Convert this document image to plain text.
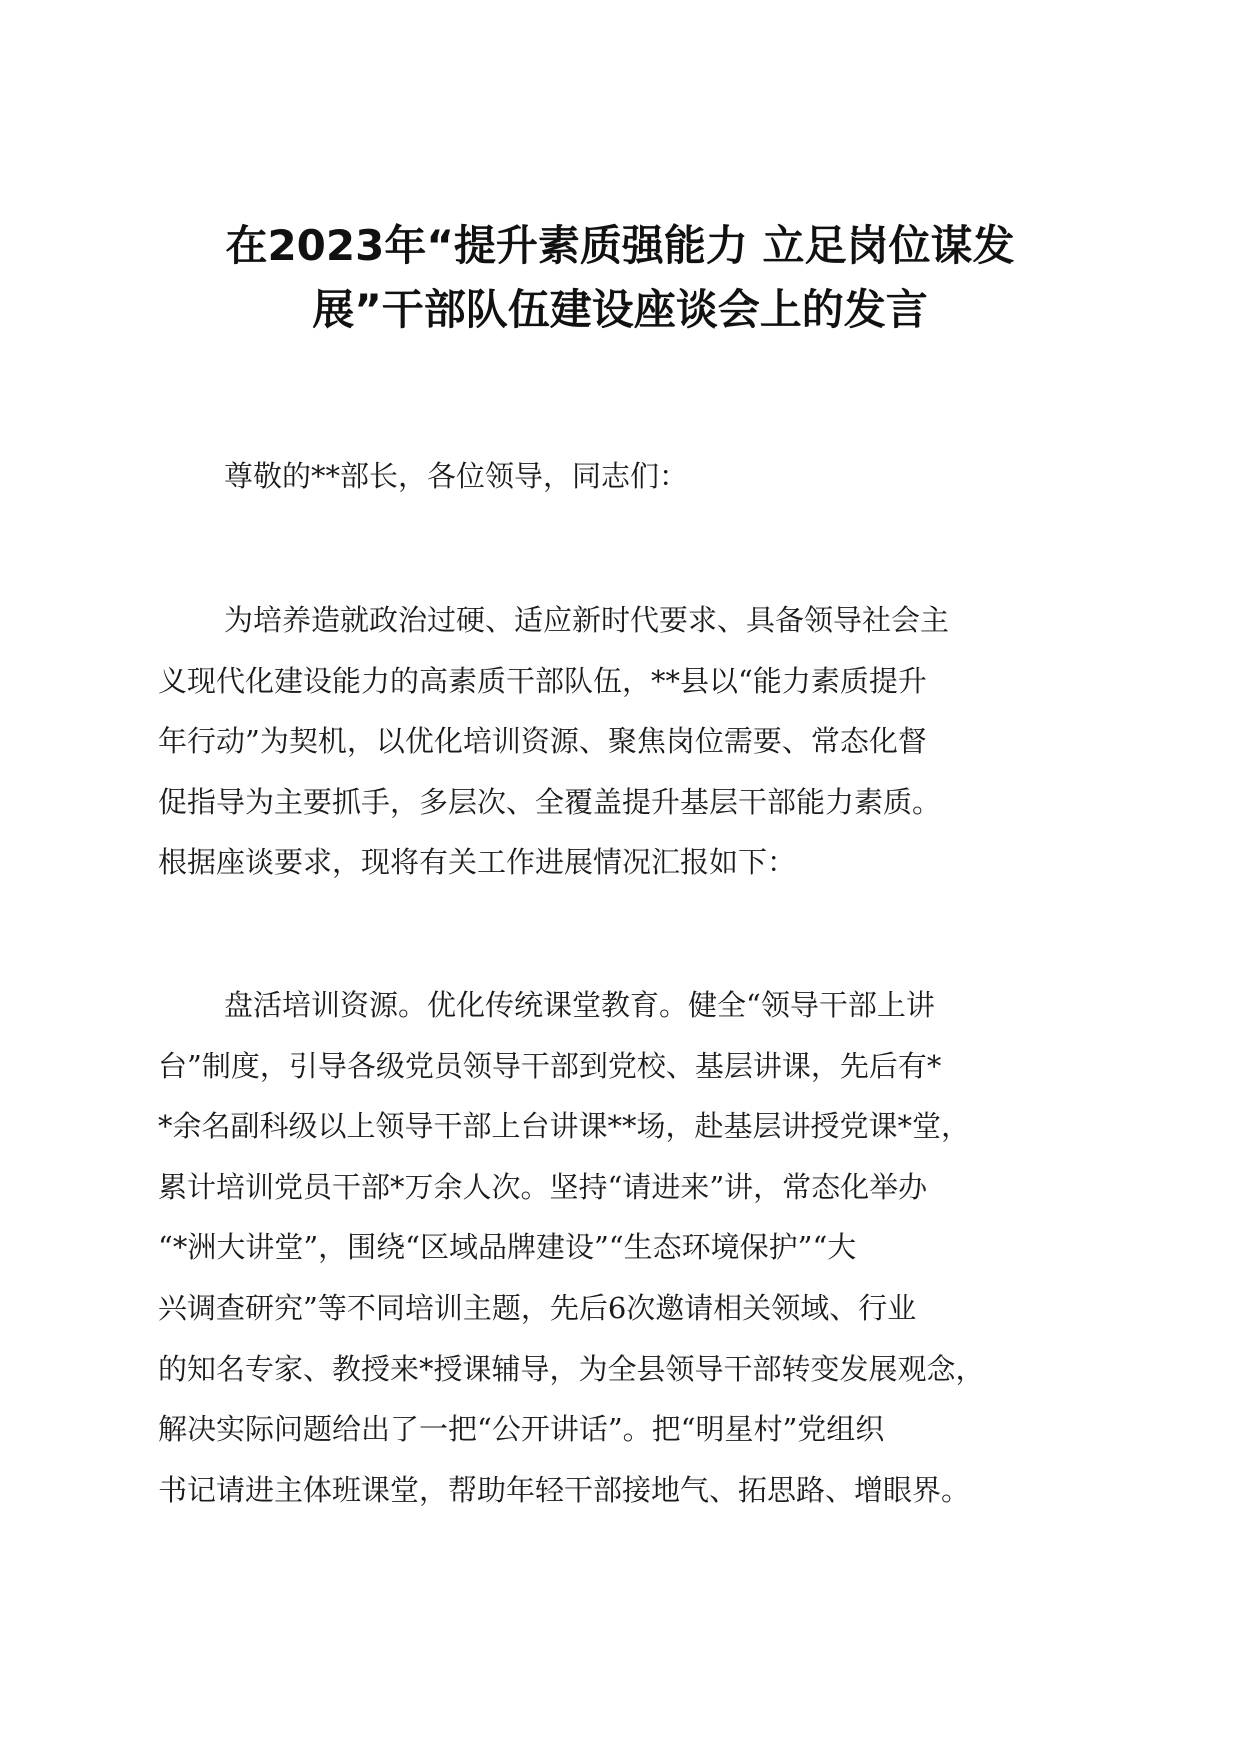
在2023年“提升素质强能力 立足岗位谋发
展”干部队伍建设座谈会上的发言

尊敬的**部长，各位领导，同志们：

为培养造就政治过硬、适应新时代要求、具备领导社会主
义现代化建设能力的高素质干部队伍，**县以“能力素质提升
年行动”为契机，以优化培训资源、聚焦岗位需要、常态化督
促指导为主要抓手，多层次、全覆盖提升基层干部能力素质。
根据座谈要求，现将有关工作进展情况汇报如下：

盘活培训资源。优化传统课堂教育。健全“领导干部上讲
台”制度，引导各级党员领导干部到党校、基层讲课，先后有*
*余名副科级以上领导干部上台讲课**场，赴基层讲授党课*堂，
累计培训党员干部*万余人次。坚持“请进来”讲，常态化举办
“*洲大讲堂”，围绕“区域品牌建设”“生态环境保护”“大
兴调查研究”等不同培训主题，先后6次邀请相关领域、行业
的知名专家、教授来*授课辅导，为全县领导干部转变发展观念，
解决实际问题给出了一把“公开讲话”。把“明星村”党组织
书记请进主体班课堂，帮助年轻干部接地气、拓思路、增眼界。
